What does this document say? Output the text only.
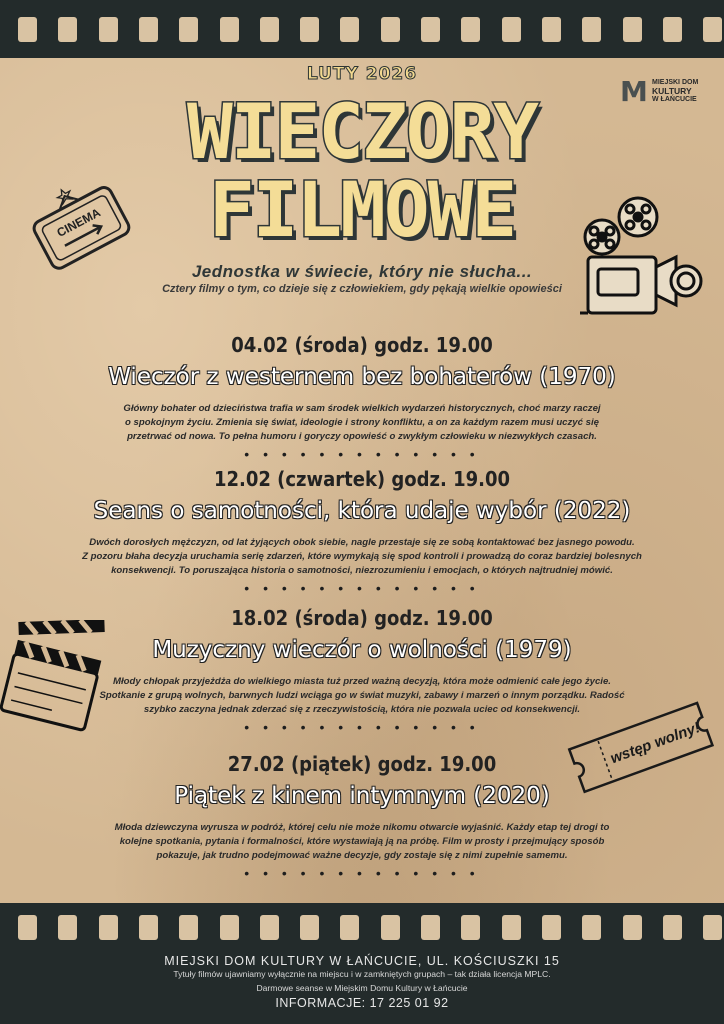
M MIEJSKI DOM
KULTURY
W ŁAŃCUCIE
LUTY 2026
WIECZORY
FILMOWE
Jednostka w świecie, który nie słucha...
Cztery filmy o tym, co dzieje się z człowiekiem, gdy pękają wielkie opowieści
CINEMA
wstęp wolny!
04.02 (środa) godz. 19.00
Wieczór z westernem bez bohaterów (1970)
Główny bohater od dzieciństwa trafia w sam środek wielkich wydarzeń historycznych, choć marzy raczej
o spokojnym życiu. Zmienia się świat, ideologie i strony konfliktu, a on za każdym razem musi uczyć się
przetrwać od nowa. To pełna humoru i goryczy opowieść o zwykłym człowieku w niezwykłych czasach.
• • • • • • • • • • • • •
12.02 (czwartek) godz. 19.00
Seans o samotności, która udaje wybór (2022)
Dwóch dorosłych mężczyzn, od lat żyjących obok siebie, nagle przestaje się ze sobą kontaktować bez jasnego powodu.
Z pozoru błaha decyzja uruchamia serię zdarzeń, które wymykają się spod kontroli i prowadzą do coraz bardziej bolesnych
konsekwencji. To poruszająca historia o samotności, niezrozumieniu i emocjach, o których najtrudniej mówić.
• • • • • • • • • • • • •
18.02 (środa) godz. 19.00
Muzyczny wieczór o wolności (1979)
Młody chłopak przyjeżdża do wielkiego miasta tuż przed ważną decyzją, która może odmienić całe jego życie.
Spotkanie z grupą wolnych, barwnych ludzi wciąga go w świat muzyki, zabawy i marzeń o innym porządku. Radość
szybko zaczyna jednak zderzać się z rzeczywistością, która nie pozwala uciec od konsekwencji.
• • • • • • • • • • • • •
27.02 (piątek) godz. 19.00
Piątek z kinem intymnym (2020)
Młoda dziewczyna wyrusza w podróż, której celu nie może nikomu otwarcie wyjaśnić. Każdy etap tej drogi to
kolejne spotkania, pytania i formalności, które wystawiają ją na próbę. Film w prosty i przejmujący sposób
pokazuje, jak trudno podejmować ważne decyzje, gdy zostaje się z nimi zupełnie samemu.
• • • • • • • • • • • • •
MIEJSKI DOM KULTURY W ŁAŃCUCIE, UL. KOŚCIUSZKI 15
Tytuły filmów ujawniamy wyłącznie na miejscu i w zamkniętych grupach – tak działa licencja MPLC.
Darmowe seanse w Miejskim Domu Kultury w Łańcucie
INFORMACJE: 17 225 01 92
